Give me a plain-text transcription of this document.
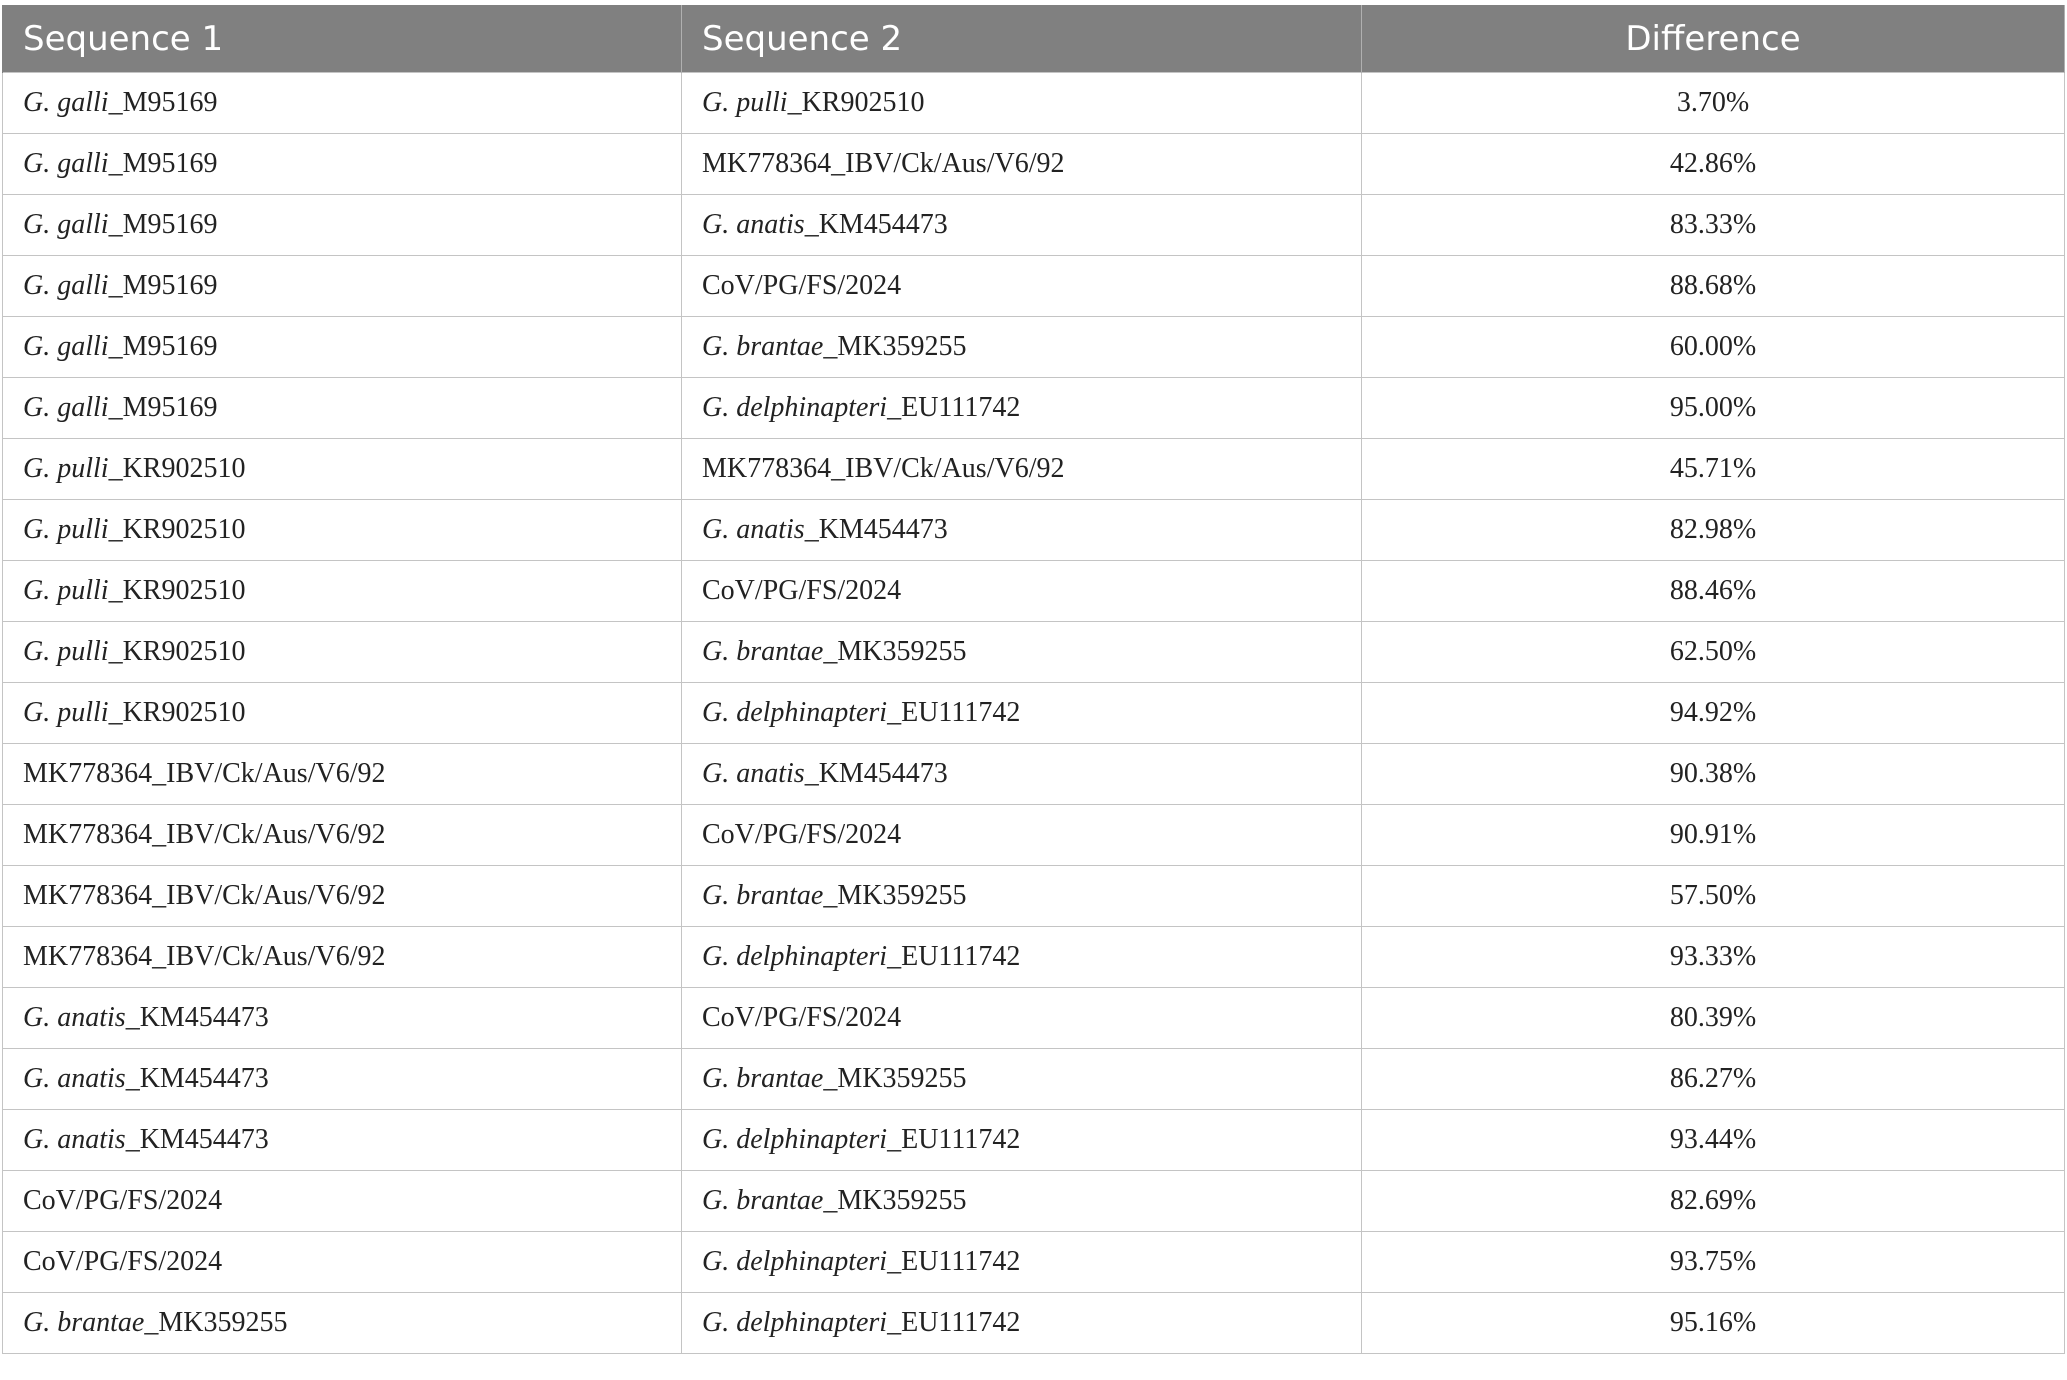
Sequence 1	Sequence 2	Difference
G. galli_M95169	G. pulli_KR902510	3.70%
G. galli_M95169	MK778364_IBV/Ck/Aus/V6/92	42.86%
G. galli_M95169	G. anatis_KM454473	83.33%
G. galli_M95169	CoV/PG/FS/2024	88.68%
G. galli_M95169	G. brantae_MK359255	60.00%
G. galli_M95169	G. delphinapteri_EU111742	95.00%
G. pulli_KR902510	MK778364_IBV/Ck/Aus/V6/92	45.71%
G. pulli_KR902510	G. anatis_KM454473	82.98%
G. pulli_KR902510	CoV/PG/FS/2024	88.46%
G. pulli_KR902510	G. brantae_MK359255	62.50%
G. pulli_KR902510	G. delphinapteri_EU111742	94.92%
MK778364_IBV/Ck/Aus/V6/92	G. anatis_KM454473	90.38%
MK778364_IBV/Ck/Aus/V6/92	CoV/PG/FS/2024	90.91%
MK778364_IBV/Ck/Aus/V6/92	G. brantae_MK359255	57.50%
MK778364_IBV/Ck/Aus/V6/92	G. delphinapteri_EU111742	93.33%
G. anatis_KM454473	CoV/PG/FS/2024	80.39%
G. anatis_KM454473	G. brantae_MK359255	86.27%
G. anatis_KM454473	G. delphinapteri_EU111742	93.44%
CoV/PG/FS/2024	G. brantae_MK359255	82.69%
CoV/PG/FS/2024	G. delphinapteri_EU111742	93.75%
G. brantae_MK359255	G. delphinapteri_EU111742	95.16%
